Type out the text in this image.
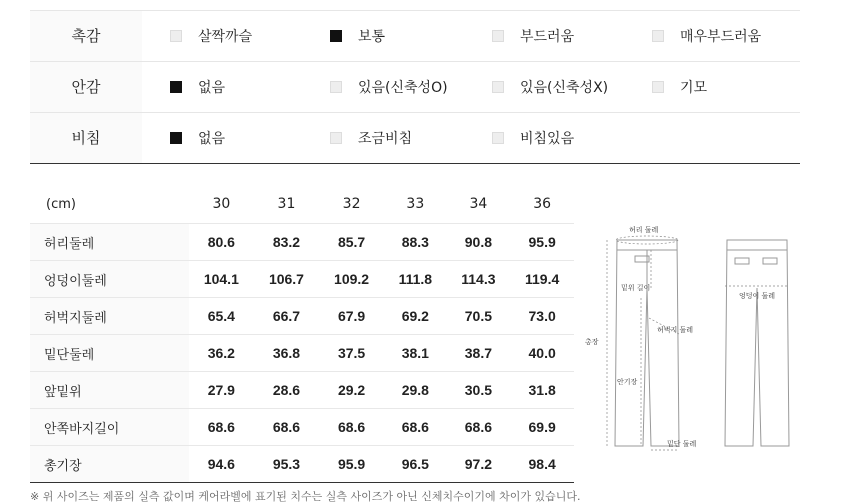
촉감	살짝까슬	보통	부드러움	매우부드러움
안감	없음	있음(신축성O)	있음(신축성X)	기모
비침	없음	조금비침	비침있음
(cm)	30	31	32	33	34	36
허리둘레	80.6	83.2	85.7	88.3	90.8	95.9
엉덩이둘레	104.1	106.7	109.2	111.8	114.3	119.4
허벅지둘레	65.4	66.7	67.9	69.2	70.5	73.0
밑단둘레	36.2	36.8	37.5	38.1	38.7	40.0
앞밑위	27.9	28.6	29.2	29.8	30.5	31.8
안쪽바지길이	68.6	68.6	68.6	68.6	68.6	69.9
총기장	94.6	95.3	95.9	96.5	97.2	98.4
허리 둘레
밑위 길이
엉덩이 둘레
허벅지 둘레
총장
안기장
밑단 둘레
※ 위 사이즈는 제품의 실측 값이며 케어라벨에 표기된 치수는 실측 사이즈가 아닌 신체치수이기에 차이가 있습니다.
